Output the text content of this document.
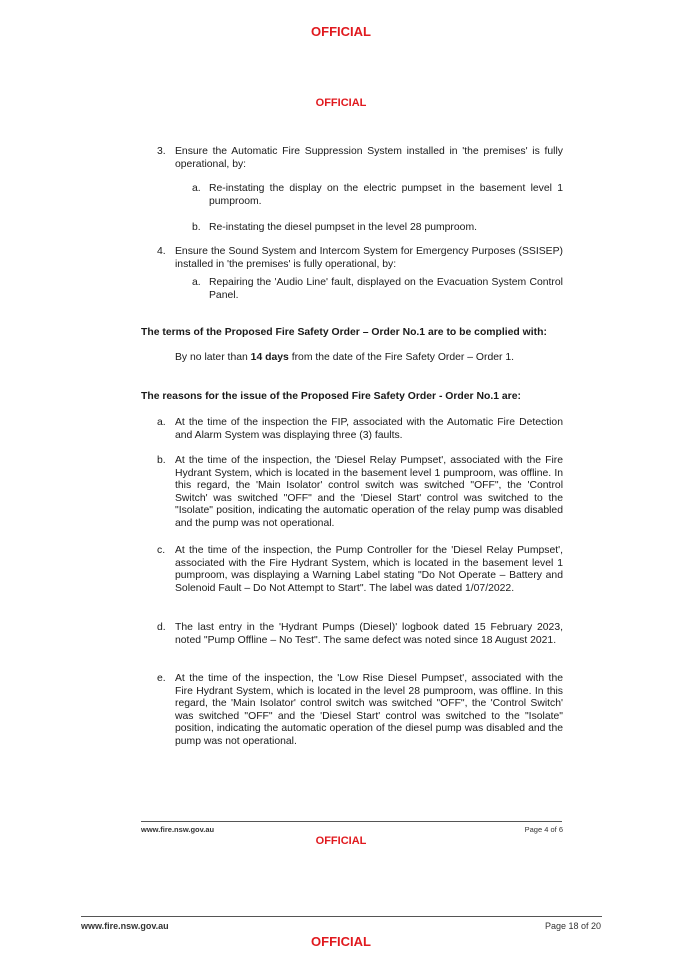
OFFICIAL
OFFICIAL
3. Ensure the Automatic Fire Suppression System installed in 'the premises' is fully operational, by:
a. Re-instating the display on the electric pumpset in the basement level 1 pumproom.
b. Re-instating the diesel pumpset in the level 28 pumproom.
4. Ensure the Sound System and Intercom System for Emergency Purposes (SSISEP) installed in 'the premises' is fully operational, by:
a. Repairing the 'Audio Line' fault, displayed on the Evacuation System Control Panel.
The terms of the Proposed Fire Safety Order – Order No.1 are to be complied with:
By no later than 14 days from the date of the Fire Safety Order – Order 1.
The reasons for the issue of the Proposed Fire Safety Order - Order No.1 are:
a. At the time of the inspection the FIP, associated with the Automatic Fire Detection and Alarm System was displaying three (3) faults.
b. At the time of the inspection, the 'Diesel Relay Pumpset', associated with the Fire Hydrant System, which is located in the basement level 1 pumproom, was offline. In this regard, the 'Main Isolator' control switch was switched "OFF", the 'Control Switch' was switched "OFF" and the 'Diesel Start' control was switched to the "Isolate" position, indicating the automatic operation of the relay pump was disabled and the pump was not operational.
c. At the time of the inspection, the Pump Controller for the 'Diesel Relay Pumpset', associated with the Fire Hydrant System, which is located in the basement level 1 pumproom, was displaying a Warning Label stating "Do Not Operate – Battery and Solenoid Fault – Do Not Attempt to Start". The label was dated 1/07/2022.
d. The last entry in the 'Hydrant Pumps (Diesel)' logbook dated 15 February 2023, noted "Pump Offline – No Test". The same defect was noted since 18 August 2021.
e. At the time of the inspection, the 'Low Rise Diesel Pumpset', associated with the Fire Hydrant System, which is located in the level 28 pumproom, was offline. In this regard, the 'Main Isolator' control switch was switched "OFF", the 'Control Switch' was switched "OFF" and the 'Diesel Start' control was switched to the "Isolate" position, indicating the automatic operation of the diesel pump was disabled and the pump was not operational.
www.fire.nsw.gov.au	Page 4 of 6
OFFICIAL
www.fire.nsw.gov.au	Page 18 of 20
OFFICIAL
